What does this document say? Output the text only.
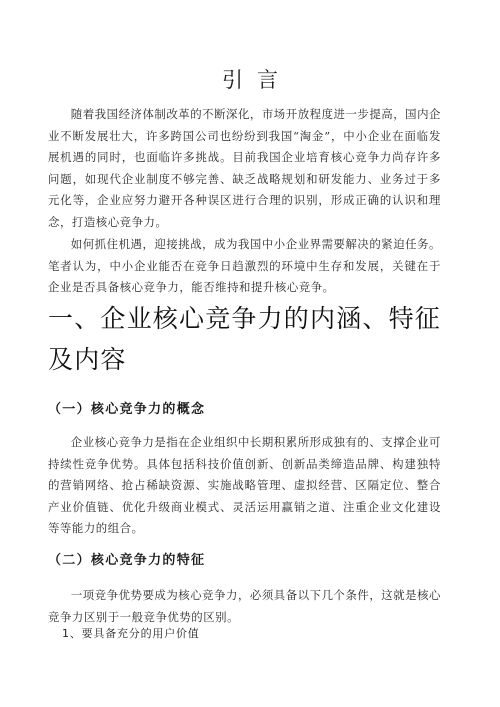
引言

随着我国经济体制改革的不断深化，市场开放程度进一步提高，国内企业不断发展壮大，许多跨国公司也纷纷到我国“淘金”，中小企业在面临发展机遇的同时，也面临许多挑战。目前我国企业培育核心竞争力尚存许多问题，如现代企业制度不够完善、缺乏战略规划和研发能力、业务过于多元化等，企业应努力避开各种误区进行合理的识别，形成正确的认识和理念，打造核心竞争力。

如何抓住机遇，迎接挑战，成为我国中小企业界需要解决的紧迫任务。笔者认为，中小企业能否在竞争日趋激烈的环境中生存和发展，关键在于企业是否具备核心竞争力，能否维持和提升核心竞争。

一、企业核心竞争力的内涵、特征及内容
（一）核心竞争力的概念

企业核心竞争力是指在企业组织中长期积累所形成独有的、支撑企业可持续性竞争优势。具体包括科技价值创新、创新品类缔造品牌、构建独特的营销网络、抢占稀缺资源、实施战略管理、虚拟经营、区隔定位、整合产业价值链、优化升级商业模式、灵活运用赢销之道、注重企业文化建设等等能力的组合。

（二）核心竞争力的特征

一项竞争优势要成为核心竞争力，必须具备以下几个条件，这就是核心竞争力区别于一般竞争优势的区别。

1、要具备充分的用户价值
